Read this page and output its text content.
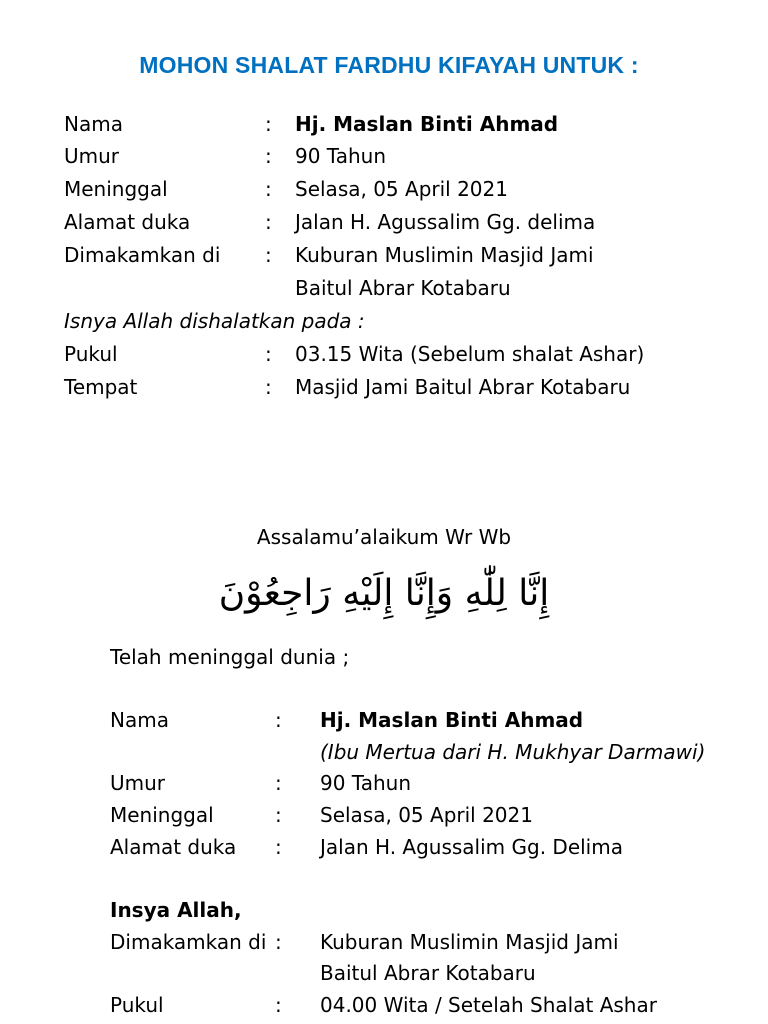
MOHON SHALAT FARDHU KIFAYAH UNTUK :
Nama	: Hj. Maslan Binti Ahmad
Umur	: 90 Tahun
Meninggal	: Selasa, 05 April 2021
Alamat duka	: Jalan H. Agussalim Gg. delima
Dimakamkan di : Kuburan Muslimin Masjid Jami
Baitul Abrar Kotabaru
Isnya Allah dishalatkan pada :
Pukul	: 03.15 Wita (Sebelum shalat Ashar)
Tempat	: Masjid Jami Baitul Abrar Kotabaru
Assalamu’alaikum Wr Wb
إِنَّا لِلّٰهِ وَإِنَّا إِلَيْهِ رَاجِعُوْنَ
Telah meninggal dunia ;
Nama	: Hj. Maslan Binti Ahmad
(Ibu Mertua dari H. Mukhyar Darmawi)
Umur	: 90 Tahun
Meninggal	: Selasa, 05 April 2021
Alamat duka : Jalan H. Agussalim Gg. Delima
Insya Allah,
Dimakamkan di : Kuburan Muslimin Masjid Jami
Baitul Abrar Kotabaru
Pukul	: 04.00 Wita / Setelah Shalat Ashar
